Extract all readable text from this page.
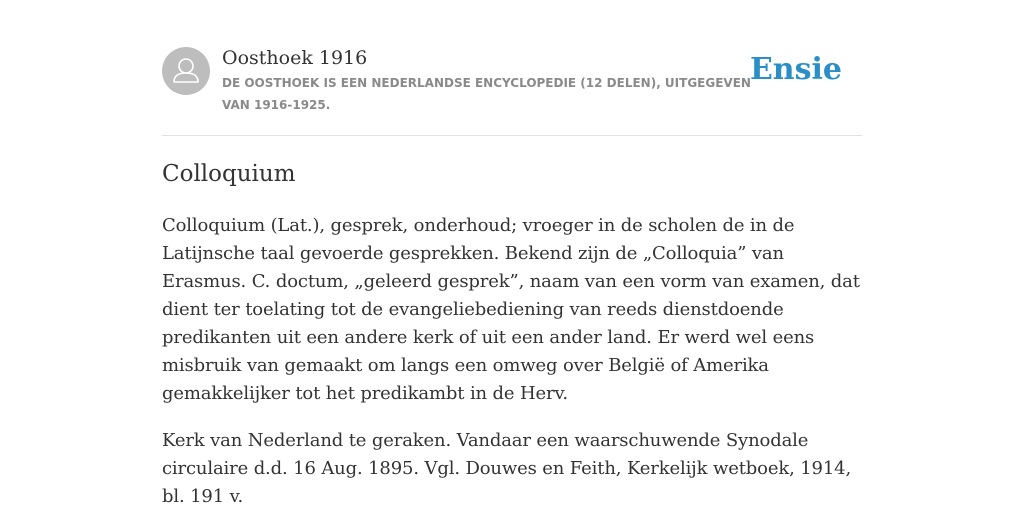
Oosthoek 1916
DE OOSTHOEK IS EEN NEDERLANDSE ENCYCLOPEDIE (12 DELEN), UITGEGEVEN VAN 1916-1925.
Ensie
Colloquium

Colloquium (Lat.), gesprek, onderhoud; vroeger in de scholen de in de Latijnsche taal gevoerde gesprekken. Bekend zijn de „Colloquia” van Erasmus. C. doctum, „geleerd gesprek”, naam van een vorm van examen, dat dient ter toelating tot de evangeliebediening van reeds dienstdoende predikanten uit een andere kerk of uit een ander land. Er werd wel eens misbruik van gemaakt om langs een omweg over België of Amerika gemakkelijker tot het predikambt in de Herv.

Kerk van Nederland te geraken. Vandaar een waarschuwende Synodale circulaire d.d. 16 Aug. 1895. Vgl. Douwes en Feith, Kerkelijk wetboek, 1914, bl. 191 v.
